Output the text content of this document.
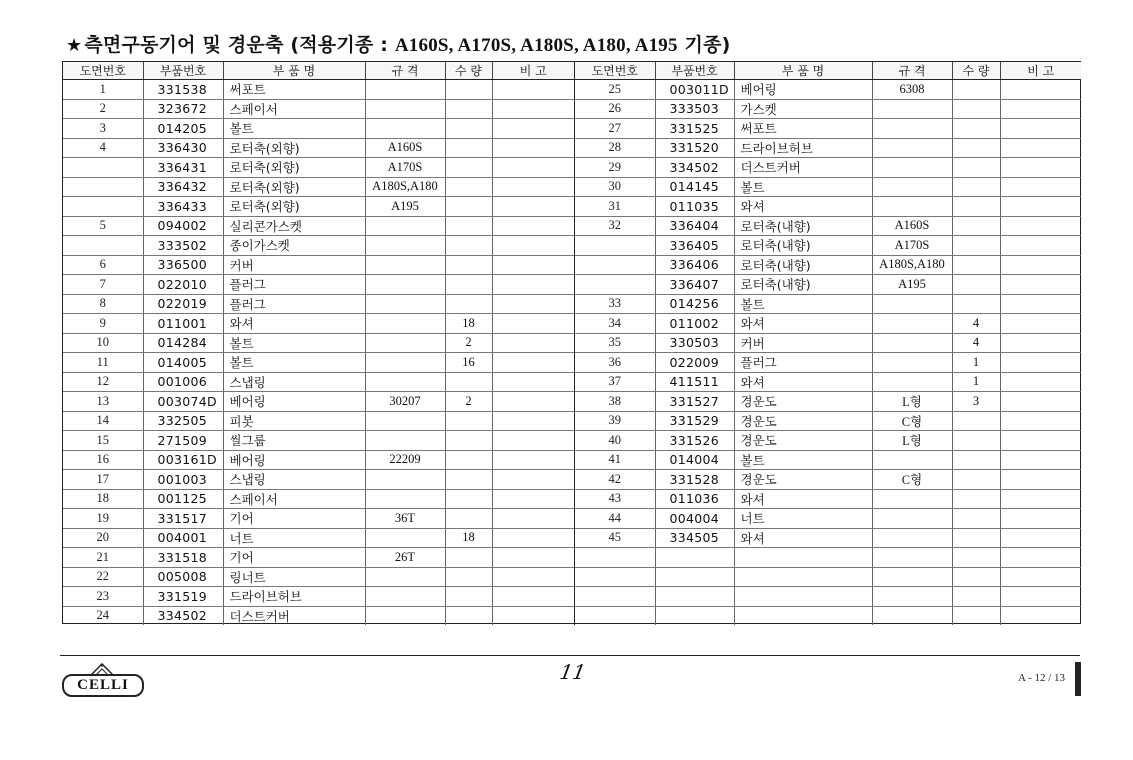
★ 측면구동기어 및 경운축 (적용기종 : A160S, A170S, A180S, A180, A195 기종)
도면번호	부품번호	부 품 명	규 격	수 량	비 고
1	331538	써포트			
2	323672	스페이서			
3	014205	볼트			
4	336430	로터축(외향)	A160S		
	336431	로터축(외향)	A170S		
	336432	로터축(외향)	A180S,A180		
	336433	로터축(외향)	A195		
5	094002	실리콘가스켓			
	333502	종이가스켓			
6	336500	커버			
7	022010	플러그			
8	022019	플러그			
9	011001	와셔		18	
10	014284	볼트		2	
11	014005	볼트		16	
12	001006	스냅링			
13	003074D	베어링	30207	2	
14	332505	피봇			
15	271509	씰그룹			
16	003161D	베어링	22209		
17	001003	스냅링			
18	001125	스페이서			
19	331517	기어	36T		
20	004001	너트		18	
21	331518	기어	26T		
22	005008	링너트			
23	331519	드라이브허브			
24	334502	더스트커버			
도면번호	부품번호	부 품 명	규 격	수 량	비 고
25	003011D	베어링	6308		
26	333503	가스켓			
27	331525	써포트			
28	331520	드라이브허브			
29	334502	더스트커버			
30	014145	볼트			
31	011035	와셔			
32	336404	로터축(내향)	A160S		
	336405	로터축(내향)	A170S		
	336406	로터축(내향)	A180S,A180		
	336407	로터축(내향)	A195		
33	014256	볼트			
34	011002	와셔		4	
35	330503	커버		4	
36	022009	플러그		1	
37	411511	와셔		1	
38	331527	경운도	L형	3	
39	331529	경운도	C형		
40	331526	경운도	L형		
41	014004	볼트			
42	331528	경운도	C형		
43	011036	와셔			
44	004004	너트			
45	334505	와셔			

CELLI
11	A - 12 / 13
